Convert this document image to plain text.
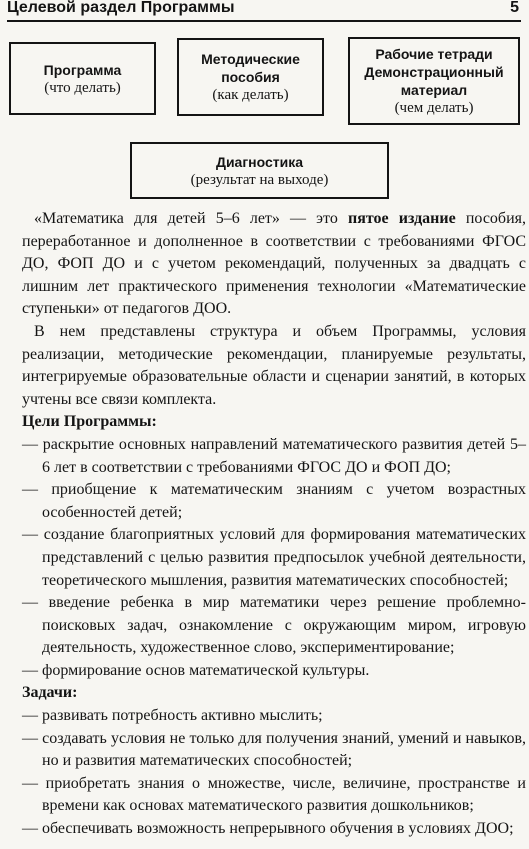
Целевой раздел Программы	5
Программа
(что делать)
Методические
пособия
(как делать)
Рабочие тетради
Демонстрационный
материал
(чем делать)
Диагностика
(результат на выходе)

«Математика для детей 5–6 лет» — это пятое издание пособия, переработанное и дополненное в соответствии с требованиями ФГОС ДО, ФОП ДО и с учетом рекомендаций, полученных за двадцать с лишним лет практического применения технологии «Математические ступеньки» от педагогов ДОО.

В нем представлены структура и объем Программы, условия реализации, методические рекомендации, планируемые результаты, интегрируемые образовательные области и сценарии занятий, в которых учтены все связи комплекта.

Цели Программы:

— раскрытие основных направлений математического развития детей 5–6 лет в соответствии с требованиями ФГОС ДО и ФОП ДО;

— приобщение к математическим знаниям с учетом возрастных особенностей детей;

— создание благоприятных условий для формирования математических представлений с целью развития предпосылок учебной деятельности, теоретического мышления, развития математических способностей;

— введение ребенка в мир математики через решение проблемно-поисковых задач, ознакомление с окружающим миром, игровую деятельность, художественное слово, экспериментирование;

— формирование основ математической культуры.

Задачи:

— развивать потребность активно мыслить;

— создавать условия не только для получения знаний, умений и навыков, но и развития математических способностей;

— приобретать знания о множестве, числе, величине, пространстве и времени как основах математического развития дошкольников;

— обеспечивать возможность непрерывного обучения в условиях ДОО;
